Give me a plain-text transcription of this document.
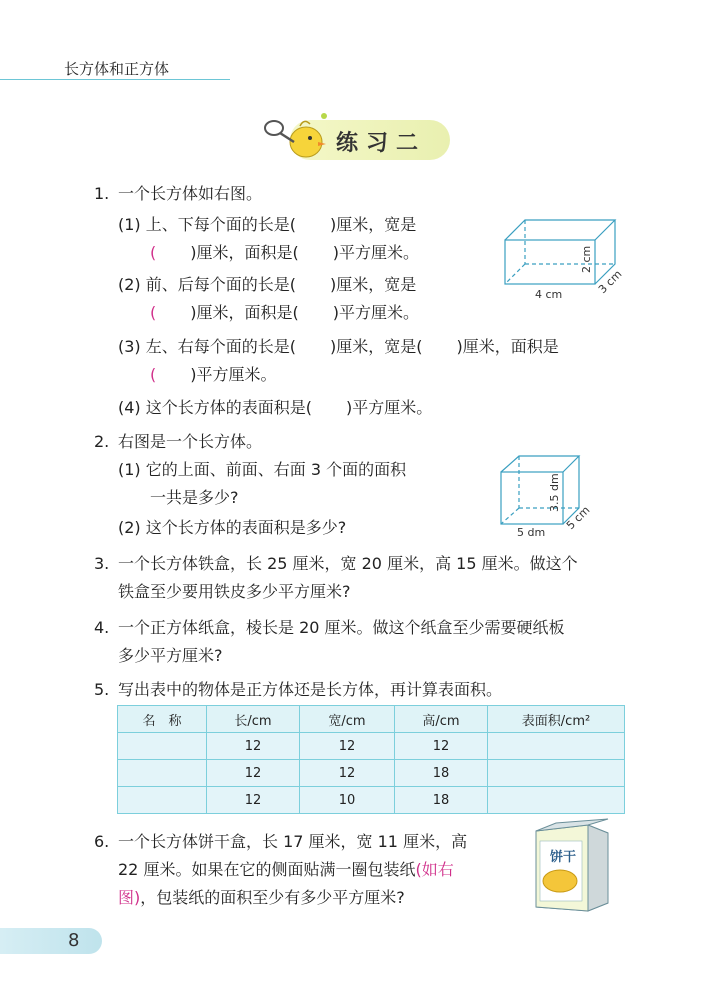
长方体和正方体
练习二
1. 一个长方体如右图。
(1) 上、下每个面的长是( )厘米，宽是
( )厘米，面积是( )平方厘米。
(2) 前、后每个面的长是( )厘米，宽是
( )厘米，面积是( )平方厘米。
(3) 左、右每个面的长是( )厘米，宽是( )厘米，面积是
( )平方厘米。
(4) 这个长方体的表面积是( )平方厘米。
4 cm
2 cm
3 cm
2. 右图是一个长方体。
(1) 它的上面、前面、右面 3 个面的面积
一共是多少?
(2) 这个长方体的表面积是多少?	5 dm
3.5 dm
5 cm
3. 一个长方体铁盒，长 25 厘米，宽 20 厘米，高 15 厘米。做这个
铁盒至少要用铁皮多少平方厘米?
4. 一个正方体纸盒，棱长是 20 厘米。做这个纸盒至少需要硬纸板
多少平方厘米?
5. 写出表中的物体是正方体还是长方体，再计算表面积。
名　称	长/cm	宽/cm	高/cm	表面积/cm²
	12	12	12	
	12	12	18	
	12	10	18	
6. 一个长方体饼干盒，长 17 厘米，宽 11 厘米，高
22 厘米。如果在它的侧面贴满一圈包装纸(如右
图)，包装纸的面积至少有多少平方厘米?
饼干
8
